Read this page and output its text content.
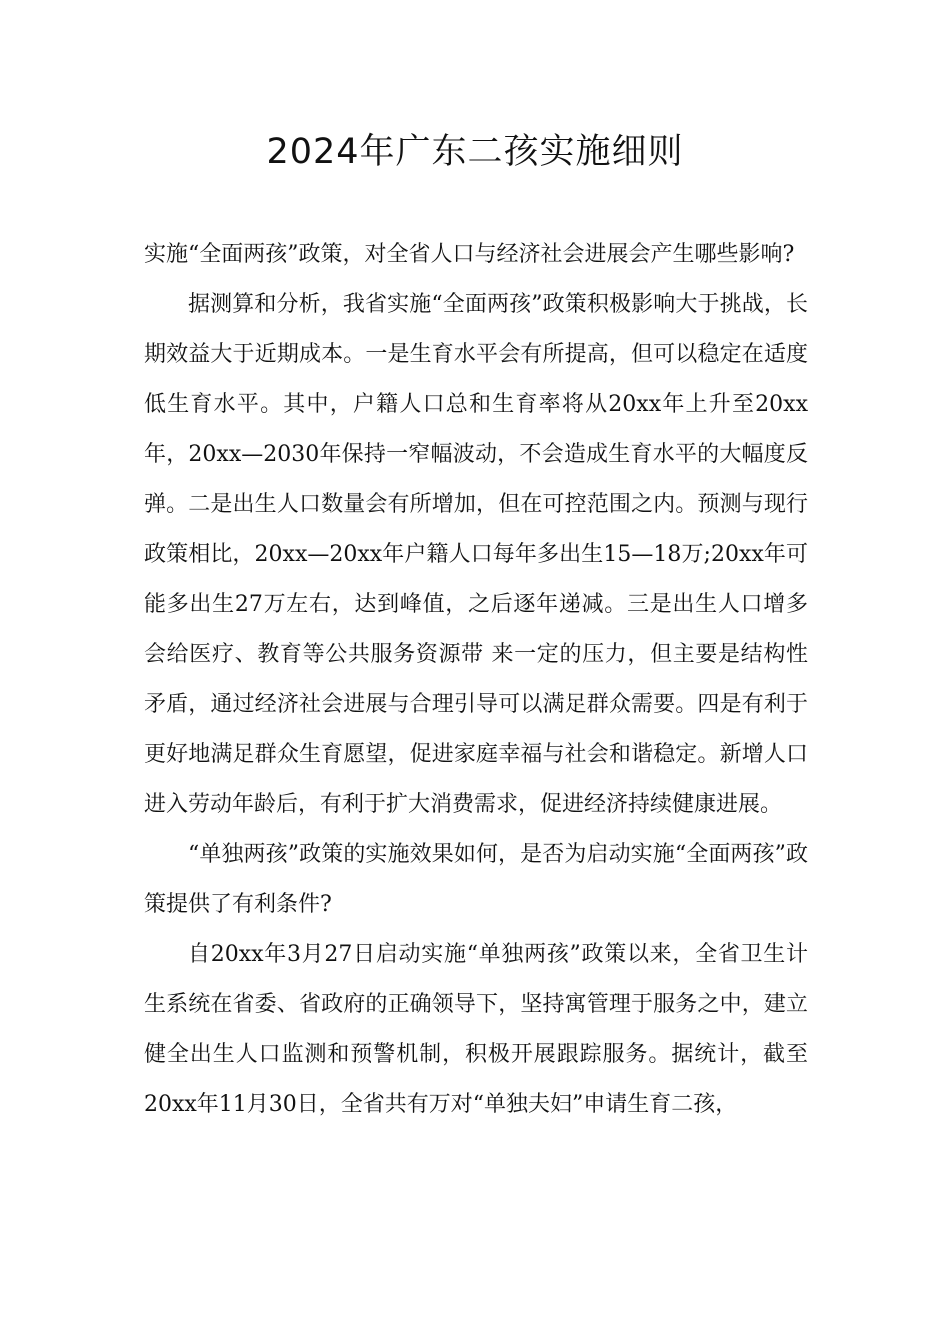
2024年广东二孩实施细则

实施“全面两孩”政策，对全省人口与经济社会进展会产生哪些影响?

据测算和分析，我省实施“全面两孩”政策积极影响大于挑战，长期效益大于近期成本。一是生育水平会有所提高，但可以稳定在适度低生育水平。其中，户籍人口总和生育率将从20xx年上升至20xx年，20xx—2030年保持一窄幅波动，不会造成生育水平的大幅度反弹。二是出生人口数量会有所增加，但在可控范围之内。预测与现行政策相比，20xx—20xx年户籍人口每年多出生15—18万;20xx年可能多出生27万左右，达到峰值，之后逐年递减。三是出生人口增多会给医疗、教育等公共服务资源带 来一定的压力，但主要是结构性矛盾，通过经济社会进展与合理引导可以满足群众需要。四是有利于更好地满足群众生育愿望，促进家庭幸福与社会和谐稳定。新增人口进入劳动年龄后，有利于扩大消费需求，促进经济持续健康进展。

“单独两孩”政策的实施效果如何，是否为启动实施“全面两孩”政策提供了有利条件?

自20xx年3月27日启动实施“单独两孩”政策以来，全省卫生计生系统在省委、省政府的正确领导下，坚持寓管理于服务之中，建立健全出生人口监测和预警机制，积极开展跟踪服务。据统计，截至20xx年11月30日，全省共有万对“单独夫妇”申请生育二孩，
